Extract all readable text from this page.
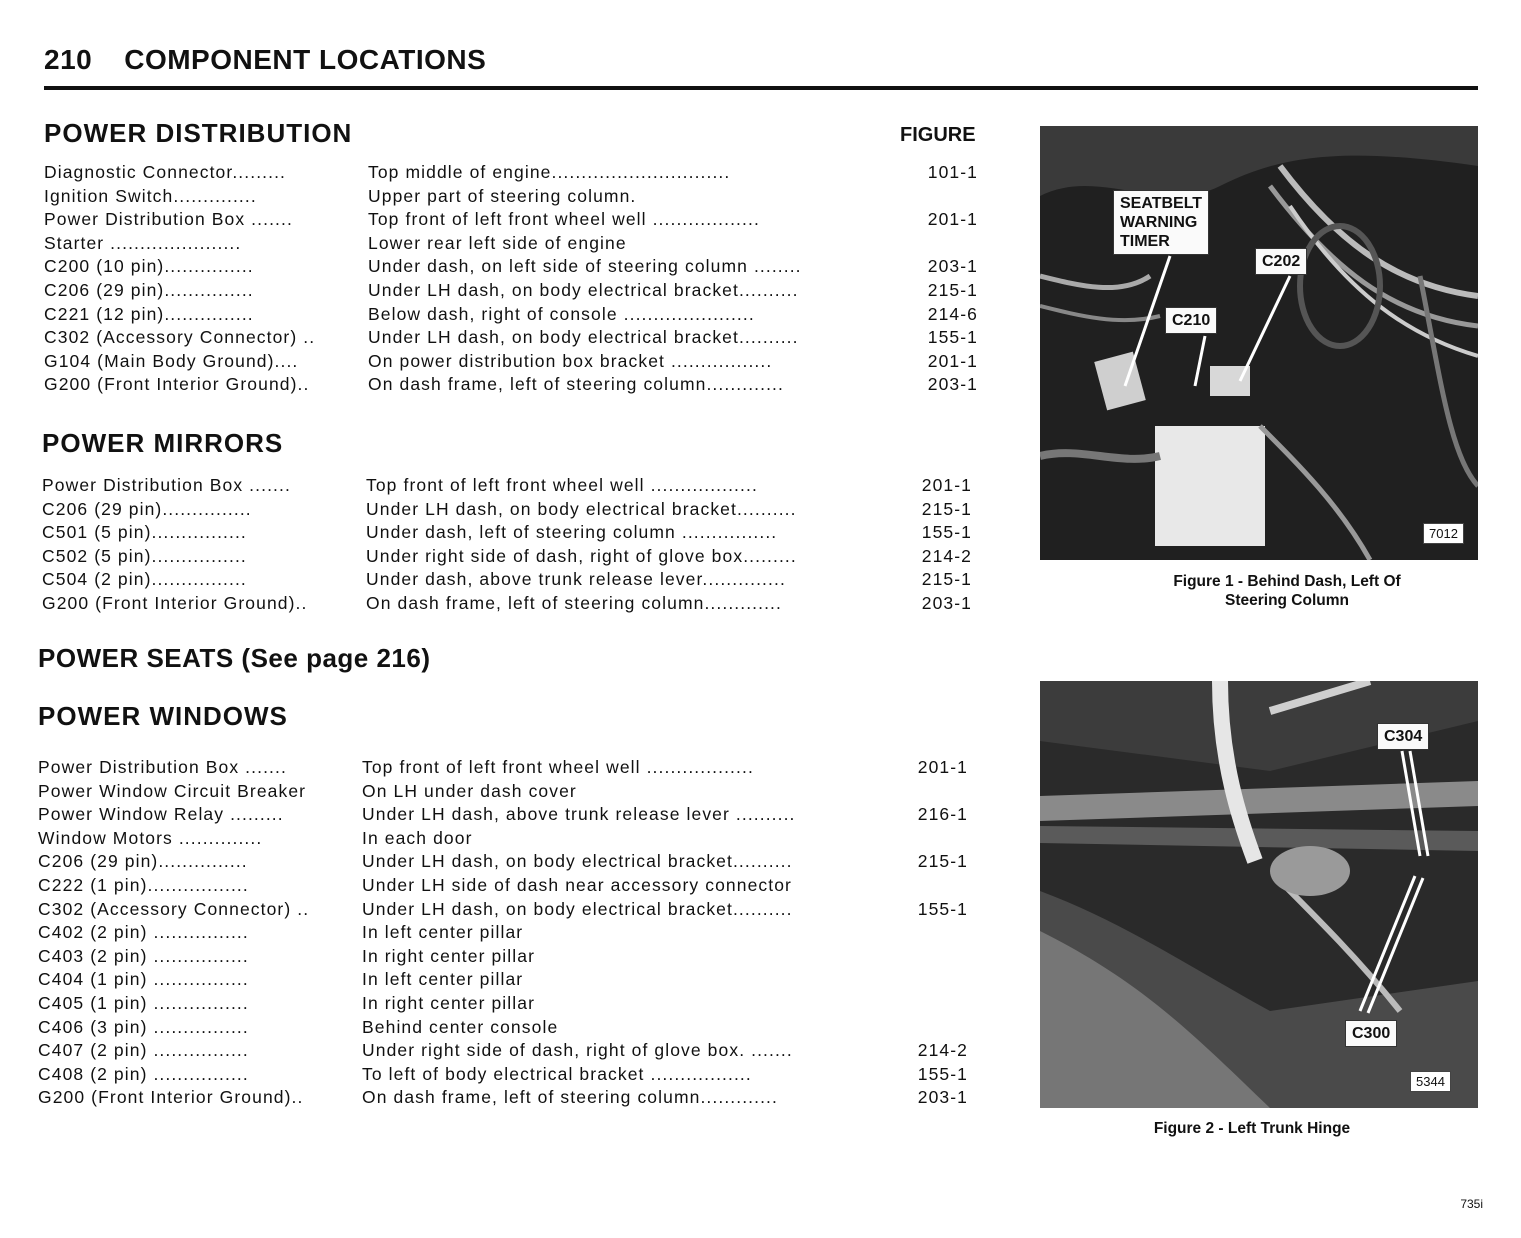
210 COMPONENT LOCATIONS
POWER DISTRIBUTION	FIGURE
POWER MIRRORS
POWER SEATS (See page 216)
POWER WINDOWS
Diagnostic Connector.........	Top middle of engine..............................	101-1
Ignition Switch..............	Upper part of steering column.
Power Distribution Box .......	Top front of left front wheel well ..................	201-1
Starter ......................	Lower rear left side of engine
C200 (10 pin)...............	Under dash, on left side of steering column ........	203-1
C206 (29 pin)...............	Under LH dash, on body electrical bracket..........	215-1
C221 (12 pin)...............	Below dash, right of console ......................	214-6
C302 (Accessory Connector) ..	Under LH dash, on body electrical bracket..........	155-1
G104 (Main Body Ground)....	On power distribution box bracket .................	201-1
G200 (Front Interior Ground)..	On dash frame, left of steering column.............	203-1
Power Distribution Box .......	Top front of left front wheel well ..................	201-1
C206 (29 pin)...............	Under LH dash, on body electrical bracket..........	215-1
C501 (5 pin)................	Under dash, left of steering column ................	155-1
C502 (5 pin)................	Under right side of dash, right of glove box.........	214-2
C504 (2 pin)................	Under dash, above trunk release lever..............	215-1
G200 (Front Interior Ground)..	On dash frame, left of steering column.............	203-1
Power Distribution Box .......	Top front of left front wheel well ..................	201-1
Power Window Circuit Breaker	On LH under dash cover
Power Window Relay .........	Under LH dash, above trunk release lever ..........	216-1
Window Motors ..............	In each door
C206 (29 pin)...............	Under LH dash, on body electrical bracket..........	215-1
C222 (1 pin).................	Under LH side of dash near accessory connector
C302 (Accessory Connector) ..	Under LH dash, on body electrical bracket..........	155-1
C402 (2 pin) ................	In left center pillar
C403 (2 pin) ................	In right center pillar
C404 (1 pin) ................	In left center pillar
C405 (1 pin) ................	In right center pillar
C406 (3 pin) ................	Behind center console
C407 (2 pin) ................	Under right side of dash, right of glove box. .......	214-2
C408 (2 pin) ................	To left of body electrical bracket .................	155-1
G200 (Front Interior Ground)..	On dash frame, left of steering column.............	203-1
SEATBELT
WARNING
TIMER
C202
C210
7012
Figure 1 - Behind Dash, Left Of
Steering Column
C304
C300
5344
Figure 2 - Left Trunk Hinge
735i
